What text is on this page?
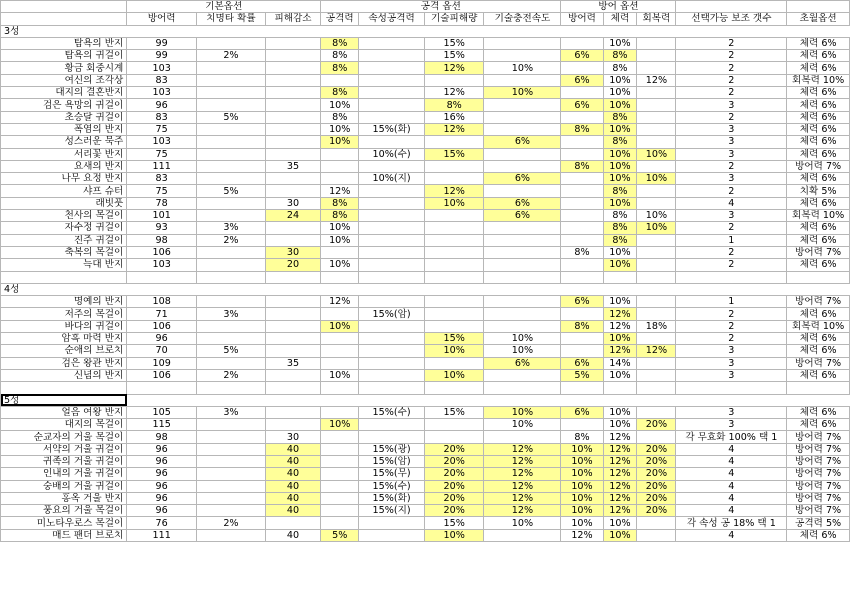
	기본옵션			공격 옵션				방어 옵션				
	방어력	치명타 확률	피해감소	공격력	속성공격력	기술피해량	기술충전속도	방어력	체력	회복력	선택가능 보조 갯수	초월옵션
3성												
탐욕의 반지	99			8%		15%			10%		2	체력 6%
탐욕의 귀걸이	99	2%		8%		15%		6%	8%		2	체력 6%
황금 회중시계	103			8%		12%	10%		8%		2	체력 6%
여신의 조각상	83							6%	10%	12%	2	회복력 10%
대지의 결혼반지	103			8%		12%	10%		10%		2	체력 6%
검은 욕망의 귀걸이	96			10%		8%		6%	10%		3	체력 6%
초승달 귀걸이	83	5%		8%		16%			8%		2	체력 6%
폭염의 반지	75			10%	15%(화)	12%		8%	10%		3	체력 6%
성스러운 묵주	103			10%			6%		8%		3	체력 6%
서리꽃 반지	75				10%(수)	15%			10%	10%	3	체력 6%
요새의 반지	111		35					8%	10%		2	방어력 7%
나무 요정 반지	83				10%(지)		6%		10%	10%	3	체력 6%
샤프 슈터	75	5%		12%		12%			8%		2	치확 5%
래빗풋	78		30	8%		10%	6%		10%		4	체력 6%
천사의 목걸이	101		24	8%			6%		8%	10%	3	회복력 10%
자수정 귀걸이	93	3%		10%					8%	10%	2	체력 6%
진주 귀걸이	98	2%		10%					8%		1	체력 6%
축복의 목걸이	106		30					8%	10%		2	방어력 7%
늑대 반지	103		20	10%					10%		2	체력 6%

4성												
명예의 반지	108			12%				6%	10%		1	방어력 7%
저주의 목걸이	71	3%			15%(암)				12%		2	체력 6%
바다의 귀걸이	106			10%				8%	12%	18%	2	회복력 10%
암흑 마력 반지	96					15%	10%		10%		2	체력 6%
순애의 브로치	70	5%				10%	10%		12%	12%	3	체력 6%
검은 왕관 반지	109		35				6%	6%	14%		3	방어력 7%
신념의 반지	106	2%		10%		10%		5%	10%		3	체력 6%

5성												
얼음 여왕 반지	105	3%			15%(수)	15%	10%	6%	10%		3	체력 6%
대지의 목걸이	115			10%			10%		10%	20%	3	체력 6%
순교자의 거울 목걸이	98		30					8%	12%		각 무효화 100% 택 1	방어력 7%
서약의 거울 귀걸이	96		40		15%(광)	20%	12%	10%	12%	20%	4	방어력 7%
귀족의 거울 귀걸이	96		40		15%(암)	20%	12%	10%	12%	20%	4	방어력 7%
인내의 거울 귀걸이	96		40		15%(무)	20%	12%	10%	12%	20%	4	방어력 7%
숭배의 거울 귀걸이	96		40		15%(수)	20%	12%	10%	12%	20%	4	방어력 7%
홍옥 거울 반지	96		40		15%(화)	20%	12%	10%	12%	20%	4	방어력 7%
풍요의 거울 목걸이	96		40		15%(지)	20%	12%	10%	12%	20%	4	방어력 7%
미노타우로스 목걸이	76	2%				15%	10%	10%	10%		각 속성 공 18% 택 1	공격력 5%
매드 팬더 브로치	111		40	5%		10%		12%	10%		4	체력 6%
